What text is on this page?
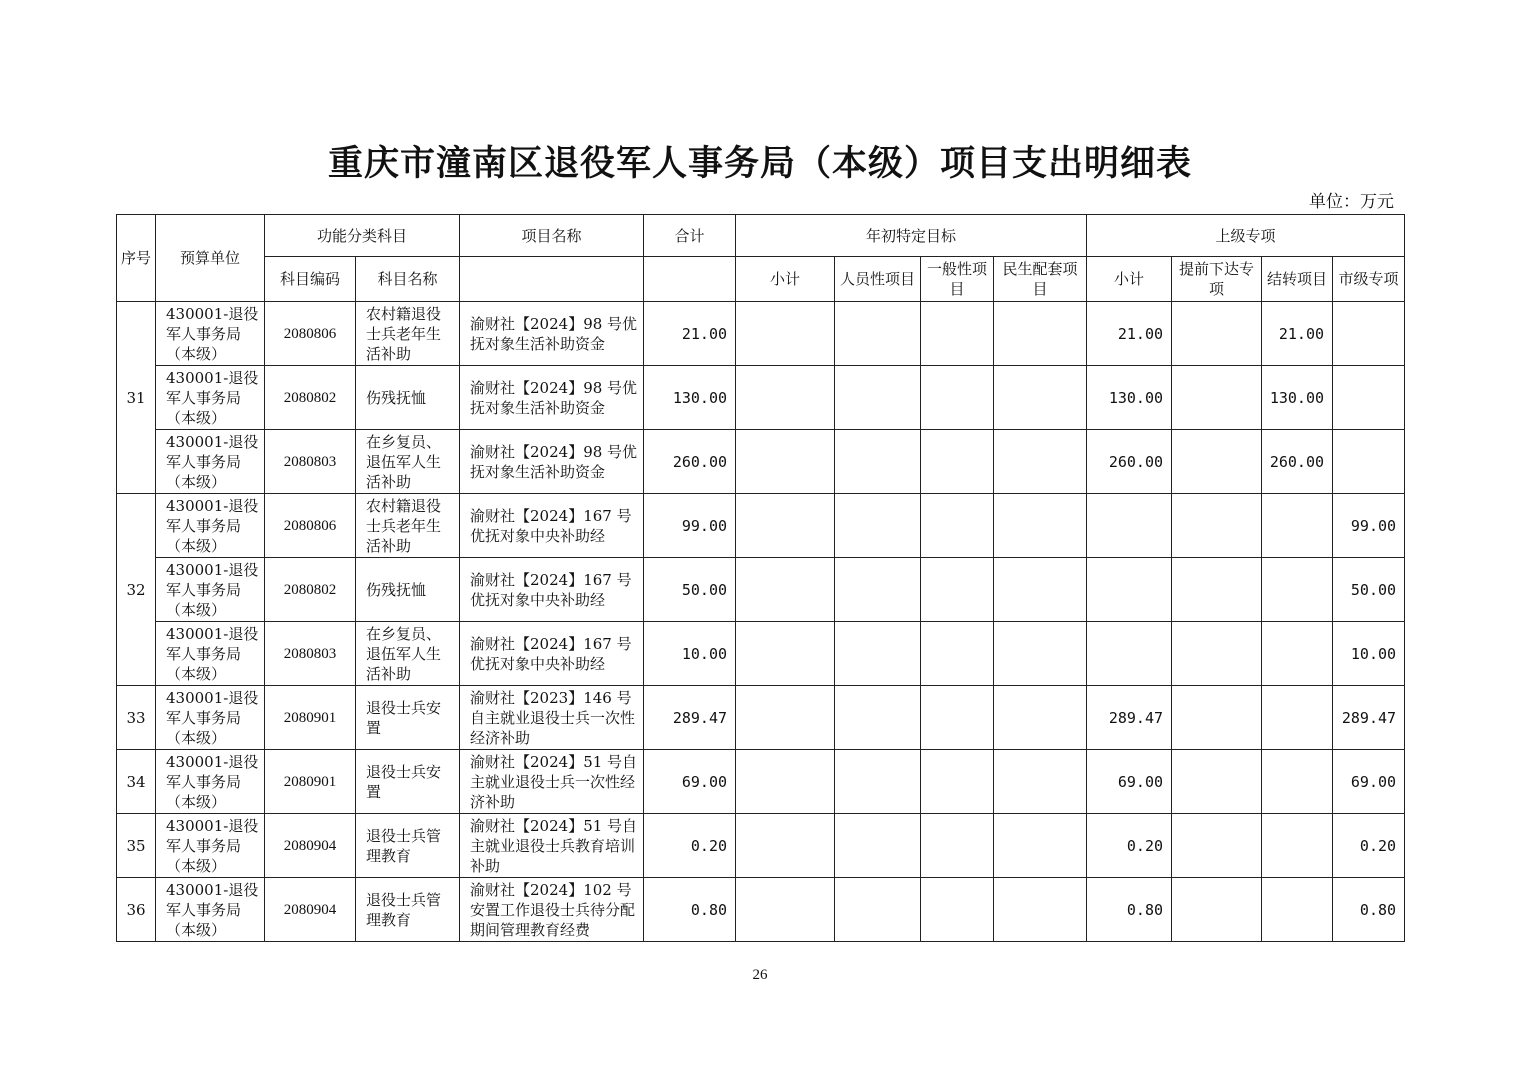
重庆市潼南区退役军人事务局（本级）项目支出明细表
单位：万元
序号	预算单位	功能分类科目		项目名称	合计	年初特定目标				上级专项			
		科目编码	科目名称			小计	人员性项目	一般性项目	民生配套项目	小计	提前下达专项	结转项目	市级专项
31	430001-退役军人事务局（本级）	2080806	农村籍退役士兵老年生活补助	渝财社【2024】98 号优抚对象生活补助资金	21.00					21.00		21.00	
	430001-退役军人事务局（本级）	2080802	伤残抚恤	渝财社【2024】98 号优抚对象生活补助资金	130.00					130.00		130.00	
	430001-退役军人事务局（本级）	2080803	在乡复员、退伍军人生活补助	渝财社【2024】98 号优抚对象生活补助资金	260.00					260.00		260.00	
32	430001-退役军人事务局（本级）	2080806	农村籍退役士兵老年生活补助	渝财社【2024】167 号优抚对象中央补助经	99.00								99.00
	430001-退役军人事务局（本级）	2080802	伤残抚恤	渝财社【2024】167 号优抚对象中央补助经	50.00								50.00
	430001-退役军人事务局（本级）	2080803	在乡复员、退伍军人生活补助	渝财社【2024】167 号优抚对象中央补助经	10.00								10.00
33	430001-退役军人事务局（本级）	2080901	退役士兵安置	渝财社【2023】146 号自主就业退役士兵一次性经济补助	289.47					289.47			289.47
34	430001-退役军人事务局（本级）	2080901	退役士兵安置	渝财社【2024】51 号自主就业退役士兵一次性经济补助	69.00					69.00			69.00
35	430001-退役军人事务局（本级）	2080904	退役士兵管理教育	渝财社【2024】51 号自主就业退役士兵教育培训补助	0.20					0.20			0.20
36	430001-退役军人事务局（本级）	2080904	退役士兵管理教育	渝财社【2024】102 号安置工作退役士兵待分配期间管理教育经费	0.80					0.80			0.80
26
